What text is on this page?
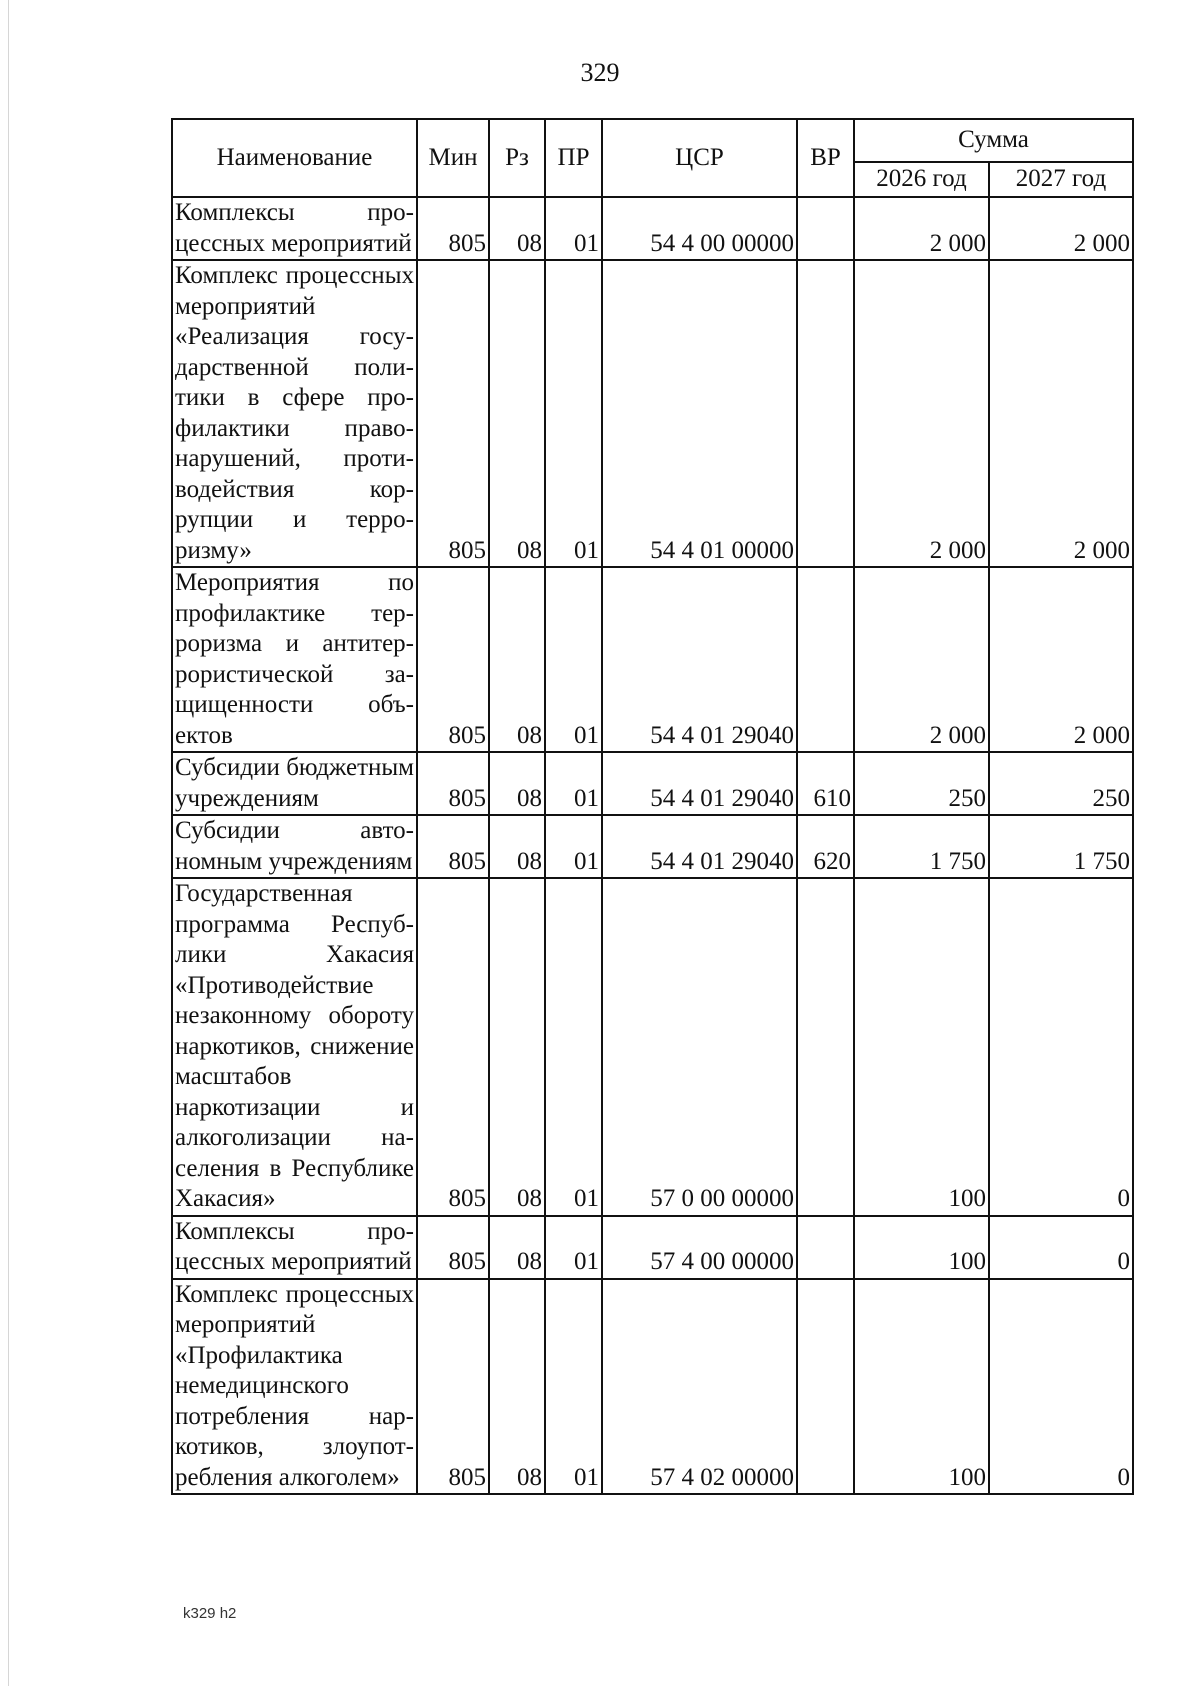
329
Наименование	Мин	Рз	ПР	ЦСР	ВР	Сумма	
						2026 год	2027 год
Комплексы процессных мероприятий	805	08	01	54 4 00 00000		2 000	2 000
Комплекс процессных мероприятий «Реализация государственной политики в сфере профилактики правонарушений, противодействия коррупции и терроризму»	805	08	01	54 4 01 00000		2 000	2 000
Мероприятия по профилактике терроризма и антитеррористической защищенности объектов	805	08	01	54 4 01 29040		2 000	2 000
Субсидии бюджетным учреждениям	805	08	01	54 4 01 29040	610	250	250
Субсидии автономным учреждениям	805	08	01	54 4 01 29040	620	1 750	1 750
Государственная программа Республики Хакасия «Противодействие незаконному обороту наркотиков, снижение масштабов наркотизации и алкоголизации населения в Республике Хакасия»	805	08	01	57 0 00 00000		100	0
Комплексы процессных мероприятий	805	08	01	57 4 00 00000		100	0
Комплекс процессных мероприятий «Профилактика немедицинского потребления наркотиков, злоупотребления алкоголем»	805	08	01	57 4 02 00000		100	0
k329 h2
